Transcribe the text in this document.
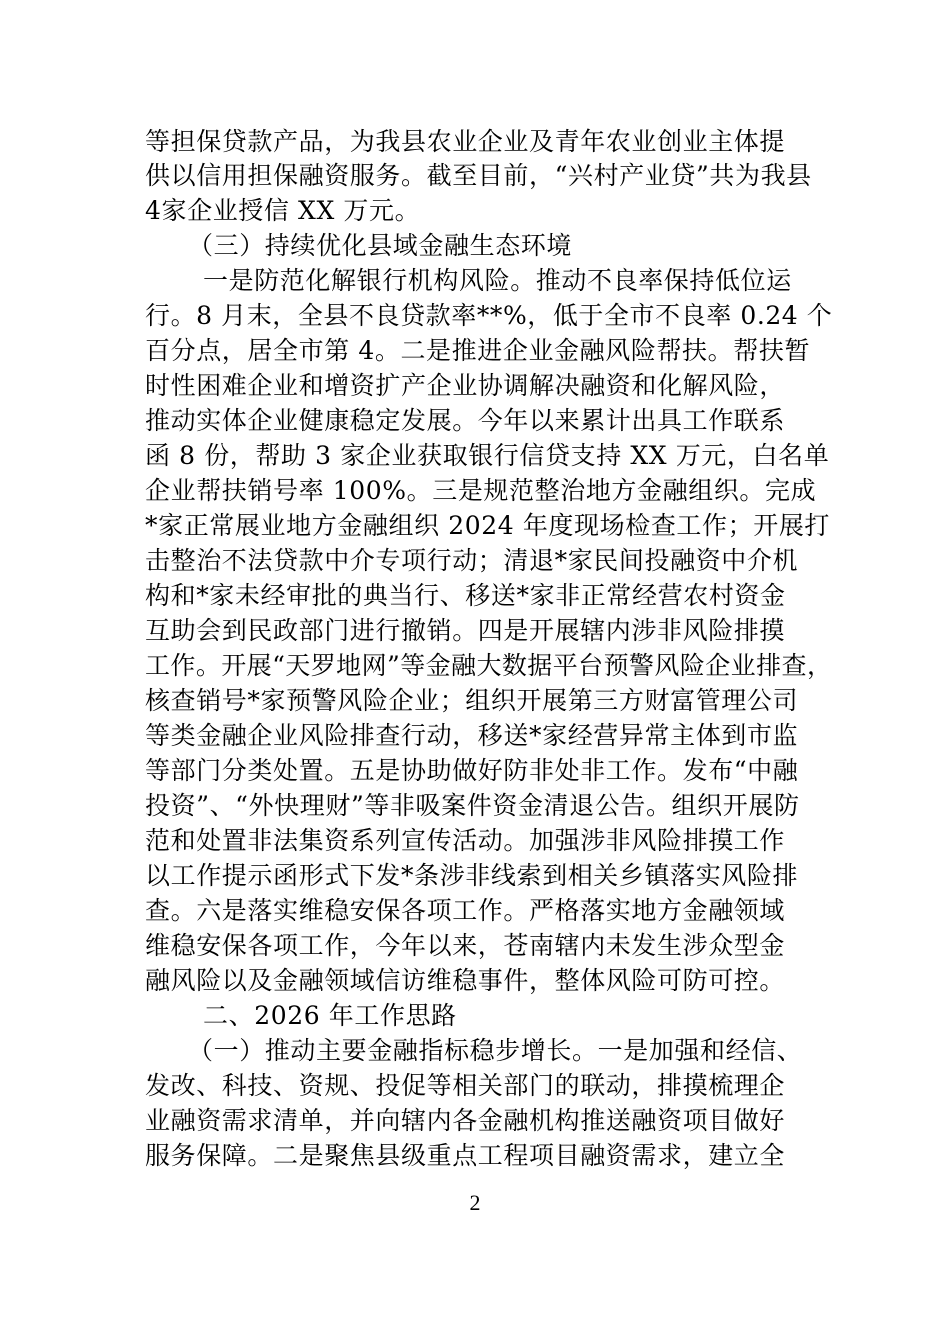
等担保贷款产品，为我县农业企业及青年农业创业主体提
供以信用担保融资服务。截至目前，“兴村产业贷”共为我县
4家企业授信 XX 万元。
（三）持续优化县域金融生态环境
一是防范化解银行机构风险。推动不良率保持低位运
行。8 月末，全县不良贷款率**%，低于全市不良率 0.24 个
百分点，居全市第 4。二是推进企业金融风险帮扶。帮扶暂
时性困难企业和增资扩产企业协调解决融资和化解风险，
推动实体企业健康稳定发展。今年以来累计出具工作联系
函 8 份，帮助 3 家企业获取银行信贷支持 XX 万元，白名单
企业帮扶销号率 100%。三是规范整治地方金融组织。完成
*家正常展业地方金融组织 2024 年度现场检查工作；开展打
击整治不法贷款中介专项行动；清退*家民间投融资中介机
构和*家未经审批的典当行、移送*家非正常经营农村资金
互助会到民政部门进行撤销。四是开展辖内涉非风险排摸
工作。开展“天罗地网”等金融大数据平台预警风险企业排查，
核查销号*家预警风险企业；组织开展第三方财富管理公司
等类金融企业风险排查行动，移送*家经营异常主体到市监
等部门分类处置。五是协助做好防非处非工作。发布“中融
投资”、“外快理财”等非吸案件资金清退公告。组织开展防
范和处置非法集资系列宣传活动。加强涉非风险排摸工作
以工作提示函形式下发*条涉非线索到相关乡镇落实风险排
查。六是落实维稳安保各项工作。严格落实地方金融领域
维稳安保各项工作，今年以来，苍南辖内未发生涉众型金
融风险以及金融领域信访维稳事件，整体风险可防可控。
二、2026 年工作思路
（一）推动主要金融指标稳步增长。一是加强和经信、
发改、科技、资规、投促等相关部门的联动，排摸梳理企
业融资需求清单，并向辖内各金融机构推送融资项目做好
服务保障。二是聚焦县级重点工程项目融资需求，建立全
2
